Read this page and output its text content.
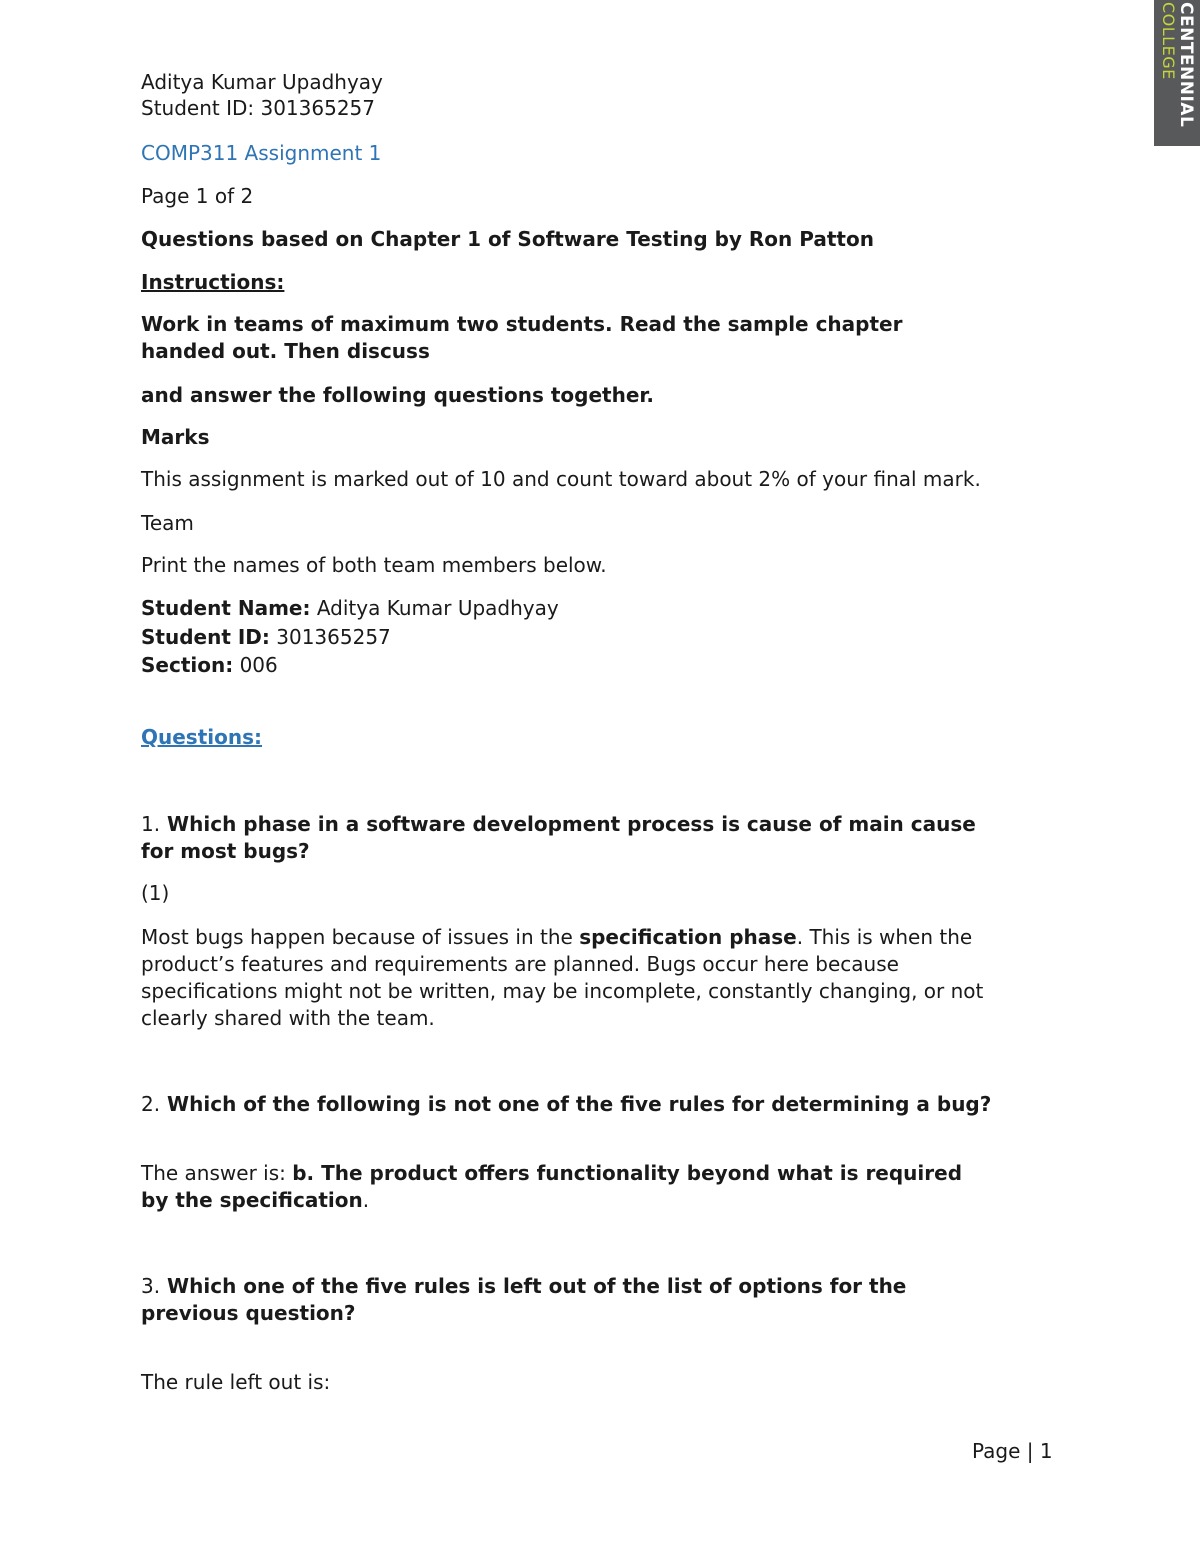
CENTENNIAL
COLLEGE
Aditya Kumar Upadhyay
Student ID: 301365257
COMP311 Assignment 1
Page 1 of 2
Questions based on Chapter 1 of Software Testing by Ron Patton
Instructions:
Work in teams of maximum two students. Read the sample chapter
handed out. Then discuss
and answer the following questions together.
Marks
This assignment is marked out of 10 and count toward about 2% of your final mark.
Team
Print the names of both team members below.
Student Name: Aditya Kumar Upadhyay
Student ID: 301365257
Section: 006
Questions:
1. Which phase in a software development process is cause of main cause
for most bugs?
(1)
Most bugs happen because of issues in the specification phase. This is when the
product’s features and requirements are planned. Bugs occur here because
specifications might not be written, may be incomplete, constantly changing, or not
clearly shared with the team.
2. Which of the following is not one of the five rules for determining a bug?
The answer is: b. The product offers functionality beyond what is required
by the specification.
3. Which one of the five rules is left out of the list of options for the
previous question?
The rule left out is:
Page | 1
